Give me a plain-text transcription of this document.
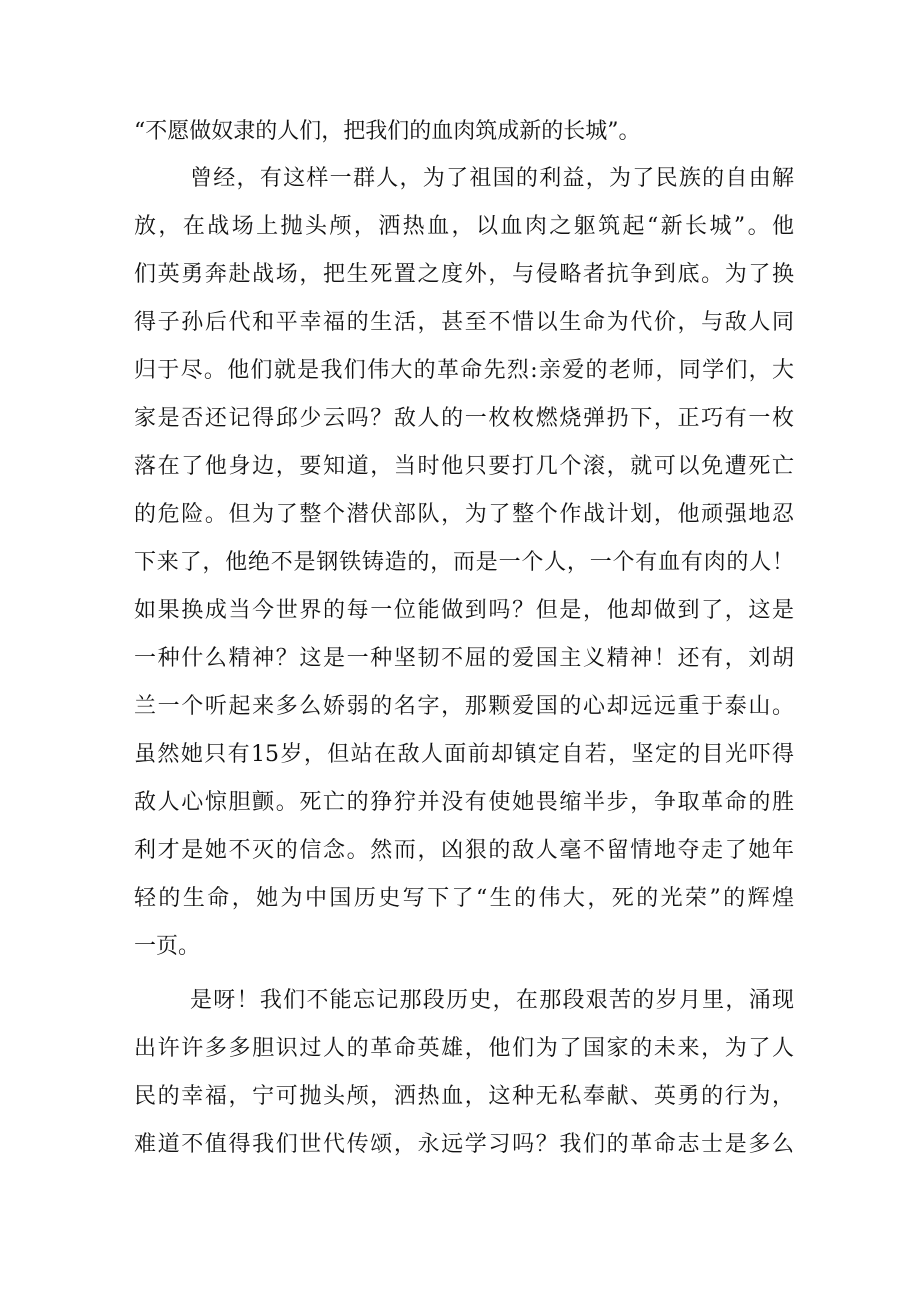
“不愿做奴隶的人们，把我们的血肉筑成新的长城”。
曾经，有这样一群人，为了祖国的利益，为了民族的自由解
放，在战场上抛头颅，洒热血，以血肉之躯筑起“新长城”。他
们英勇奔赴战场，把生死置之度外，与侵略者抗争到底。为了换
得子孙后代和平幸福的生活，甚至不惜以生命为代价，与敌人同
归于尽。他们就是我们伟大的革命先烈:亲爱的老师，同学们，大
家是否还记得邱少云吗？敌人的一枚枚燃烧弹扔下，正巧有一枚
落在了他身边，要知道，当时他只要打几个滚，就可以免遭死亡
的危险。但为了整个潜伏部队，为了整个作战计划，他顽强地忍
下来了，他绝不是钢铁铸造的，而是一个人，一个有血有肉的人！
如果换成当今世界的每一位能做到吗？但是，他却做到了，这是
一种什么精神？这是一种坚韧不屈的爱国主义精神！还有，刘胡
兰一个听起来多么娇弱的名字，那颗爱国的心却远远重于泰山。
虽然她只有15岁，但站在敌人面前却镇定自若，坚定的目光吓得
敌人心惊胆颤。死亡的狰狞并没有使她畏缩半步，争取革命的胜
利才是她不灭的信念。然而，凶狠的敌人毫不留情地夺走了她年
轻的生命，她为中国历史写下了“生的伟大，死的光荣”的辉煌
一页。
是呀！我们不能忘记那段历史，在那段艰苦的岁月里，涌现
出许许多多胆识过人的革命英雄，他们为了国家的未来，为了人
民的幸福，宁可抛头颅，洒热血，这种无私奉献、英勇的行为，
难道不值得我们世代传颂，永远学习吗？我们的革命志士是多么
